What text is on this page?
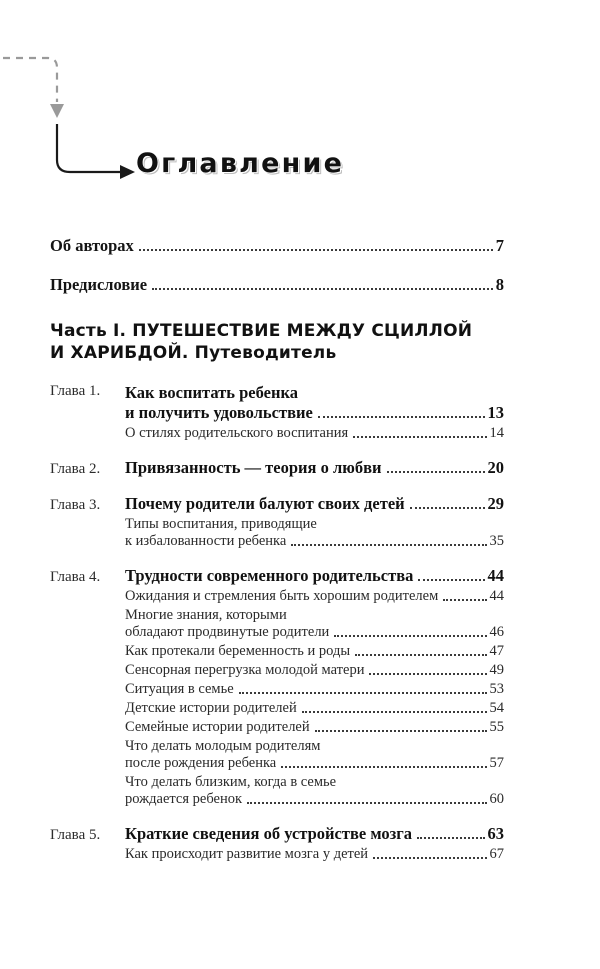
Оглавление
Об авторах	7
Предисловие	8
Часть I. ПУТЕШЕСТВИЕ МЕЖДУ СЦИЛЛОЙ
И ХАРИБДОЙ. Путеводитель
Глава 1.	Как воспитать ребенка
и получить удовольствие	13
О стилях родительского воспитания	14
Глава 2.	Привязанность — теория о любви	20
Глава 3.	Почему родители балуют своих детей	29
Типы воспитания, приводящие
к избалованности ребенка	35
Глава 4.	Трудности современного родительства	44
Ожидания и стремления быть хорошим родителем	44
Многие знания, которыми
обладают продвинутые родители	46
Как протекали беременность и роды	47
Сенсорная перегрузка молодой матери	49
Ситуация в семье	53
Детские истории родителей	54
Семейные истории родителей	55
Что делать молодым родителям
после рождения ребенка	57
Что делать близким, когда в семье
рождается ребенок	60
Глава 5.	Краткие сведения об устройстве мозга	63
Как происходит развитие мозга у детей	67
